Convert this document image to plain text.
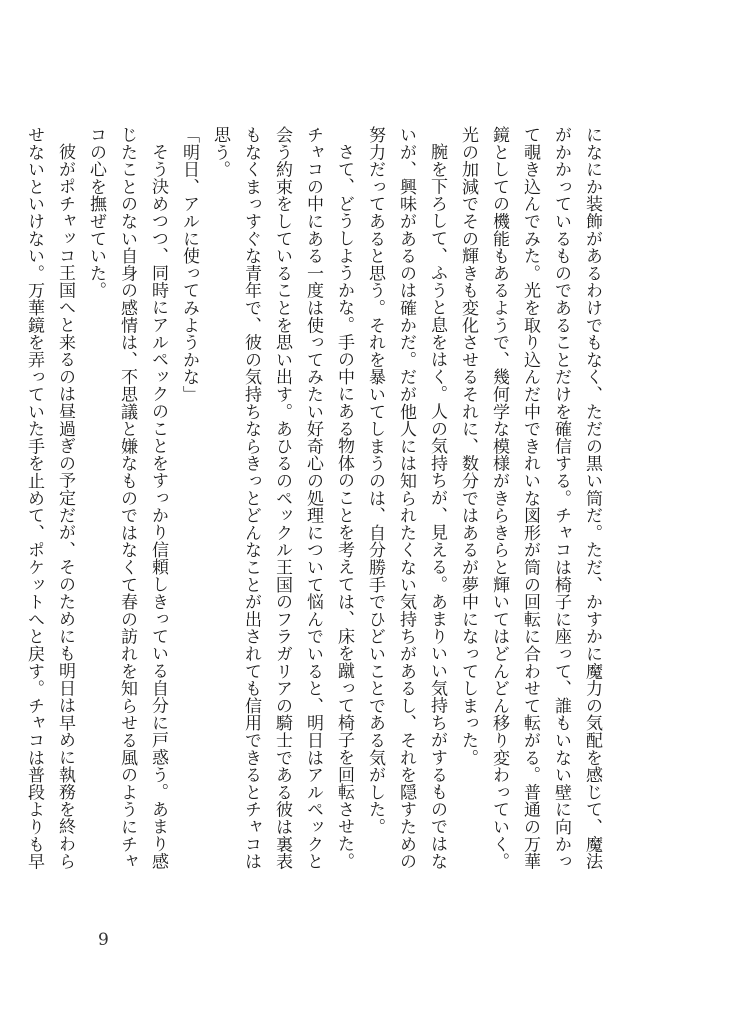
になにか装飾があるわけでもなく、ただの黒い筒だ。ただ、かすかに魔力の気配を感じて、魔法がかかっているものであることだけを確信する。チャコは椅子に座って、誰もいない壁に向かって覗き込んでみた。光を取り込んだ中できれいな図形が筒の回転に合わせて転がる。普通の万華鏡としての機能もあるようで、幾何学な模様がきらきらと輝いてはどんどん移り変わっていく。光の加減でその輝きも変化させるそれに、数分ではあるが夢中になってしまった。

腕を下ろして、ふうと息をはく。人の気持ちが、見える。あまりいい気持ちがするものではないが、興味があるのは確かだ。だが他人には知られたくない気持ちがあるし、それを隠すための努力だってあると思う。それを暴いてしまうのは、自分勝手でひどいことである気がした。

さて、どうしようかな。手の中にある物体のことを考えては、床を蹴って椅子を回転させた。チャコの中にある一度は使ってみたい好奇心の処理について悩んでいると、明日はアルペックと会う約束をしていることを思い出す。あひるのペックル王国のフラガリアの騎士である彼は裏表もなくまっすぐな青年で、彼の気持ちならきっとどんなことが出されても信用できるとチャコは思う。

「明日、アルに使ってみようかな」

そう決めつつ、同時にアルペックのことをすっかり信頼しきっている自分に戸惑う。あまり感じたことのない自身の感情は、不思議と嫌なものではなくて春の訪れを知らせる風のようにチャコの心を撫ぜていた。

彼がポチャッコ王国へと来るのは昼過ぎの予定だが、そのためにも明日は早めに執務を終わらせないといけない。万華鏡を弄っていた手を止めて、ポケットへと戻す。チャコは普段よりも早

9
